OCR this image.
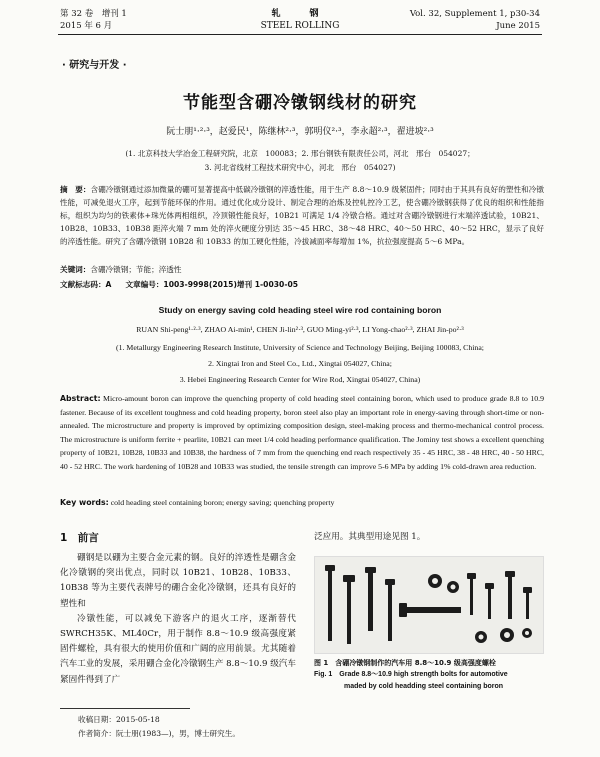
第 32 卷　增刊 1
2015 年 6 月
轧　钢
STEEL ROLLING
Vol. 32, Supplement 1, p30-34
June 2015
· 研究与开发 ·
节能型含硼冷镦钢线材的研究
阮士朋¹·²·³，赵爱民¹，陈继林²·³，郭明仪²·³，李永超²·³，翟进坡²·³
(1. 北京科技大学冶金工程研究院，北京　100083；2. 邢台钢铁有限责任公司，河北　邢台　054027；
3. 河北省线材工程技术研究中心，河北　邢台　054027)
摘　要：含硼冷镦钢通过添加微量的硼可显著提高中低碳冷镦钢的淬透性能，用于生产 8.8～10.9 级紧固件；同时由于其具有良好的塑性和冷镦性能，可减免退火工序，起到节能环保的作用。通过优化成分设计、制定合理的冶炼及控轧控冷工艺，使含硼冷镦钢获得了优良的组织和性能指标，组织为均匀的铁素体+珠光体两相组织，冷顶锻性能良好，10B21 可满足 1/4 冷镦合格。通过对含硼冷镦钢进行末端淬透试验，10B21、10B28、10B33、10B38 距淬火端 7 mm 处的淬火硬度分别达 35～45 HRC、38～48 HRC、40～50 HRC、40～52 HRC，显示了良好的淬透性能。研究了含硼冷镦钢 10B28 和 10B33 的加工硬化性能，冷拔减面率每增加 1%，抗拉强度提高 5～6 MPa。
关键词：含硼冷镦钢；节能；淬透性
文献标志码：A 文章编号：1003-9998(2015)增刊 1-0030-05
Study on energy saving cold heading steel wire rod containing boron
RUAN Shi-peng¹·²·³, ZHAO Ai-min¹, CHEN Ji-lin²·³, GUO Ming-yi²·³, LI Yong-chao²·³, ZHAI Jin-po²·³
(1. Metallurgy Engineering Research Institute, University of Science and Technology Beijing, Beijing 100083, China;
2. Xingtai Iron and Steel Co., Ltd., Xingtai 054027, China;
3. Hebei Engineering Research Center for Wire Rod, Xingtai 054027, China)
Abstract: Micro-amount boron can improve the quenching property of cold heading steel containing boron, which used to produce grade 8.8 to 10.9 fastener. Because of its excellent toughness and cold heading property, boron steel also play an important role in energy-saving through short-time or non-annealed. The microstructure and property is improved by optimizing composition design, steel-making process and thermo-mechanical control process. The microstructure is uniform ferrite + pearlite, 10B21 can meet 1/4 cold heading performance qualification. The Jominy test shows a excellent quenching property of 10B21, 10B28, 10B33 and 10B38, the hardness of 7 mm from the quenching end reach respectively 35 - 45 HRC, 38 - 48 HRC, 40 - 50 HRC, 40 - 52 HRC. The work hardening of 10B28 and 10B33 was studied, the tensile strength can improve 5-6 MPa by adding 1% cold-drawn area reduction.
Key words: cold heading steel containing boron; energy saving; quenching property
1　前言

硼钢是以硼为主要合金元素的钢。良好的淬透性是硼含金化冷镦钢的突出优点，同时以 10B21、10B28、10B33、10B38 等为主要代表牌号的硼合金化冷镦钢，还具有良好的塑性和

冷镦性能，可以减免下游客户的退火工序，逐渐替代 SWRCH35K、ML40Cr，用于制作 8.8～10.9 级高强度紧固件螺栓，具有很大的使用价值和广阔的应用前景。尤其随着汽车工业的发展，采用硼合金化冷镦钢生产 8.8～10.9 级汽车紧固件得到了广

泛应用。其典型用途见图 1。
图 1　含硼冷镦钢制作的汽车用 8.8～10.9 级高强度螺栓
Fig. 1　Grade 8.8～10.9 high strength bolts for automotive
maded by cold headding steel containing boron
收稿日期：2015-05-18
作者简介：阮士朋(1983—)，男，博士研究生。
